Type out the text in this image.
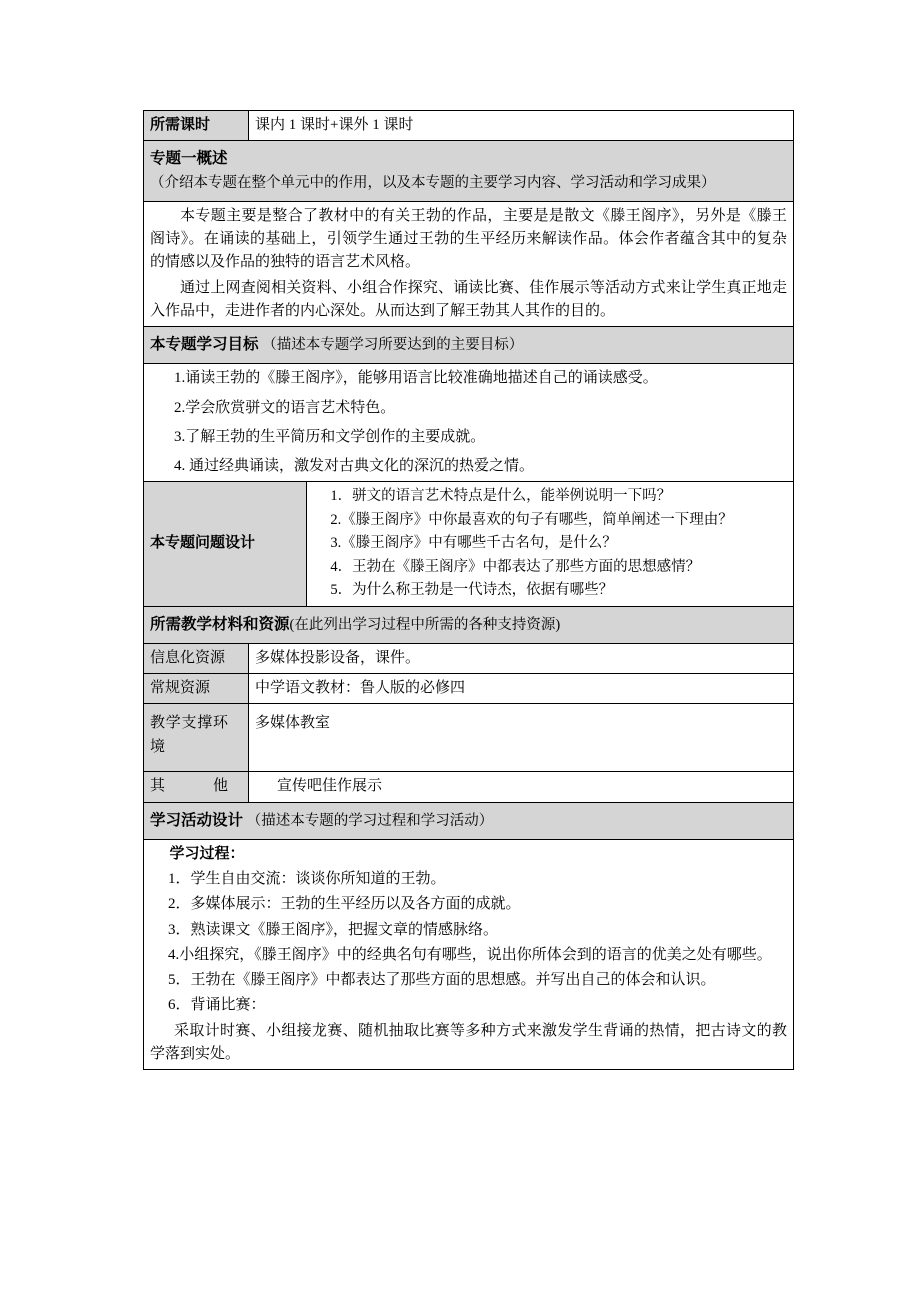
所需课时	课内 1 课时+课外 1 课时	
专题一概述（介绍本专题在整个单元中的作用，以及本专题的主要学习内容、学习活动和学习成果）		

本专题主要是整合了教材中的有关王勃的作品，主要是是散文《滕王阁序》，另外是《滕王阁诗》。在诵读的基础上，引领学生通过王勃的生平经历来解读作品。体会作者蕴含其中的复杂的情感以及作品的独特的语言艺术风格。

通过上网查阅相关资料、小组合作探究、诵读比赛、佳作展示等活动方式来让学生真正地走入作品中，走进作者的内心深处。从而达到了解王勃其人其作的目的。		

本专题学习目标 （描述本专题学习所要达到的主要目标）		

1.诵读王勃的《滕王阁序》，能够用语言比较准确地描述自己的诵读感受。
2.学会欣赏骈文的语言艺术特色。
3.了解王勃的生平简历和文学创作的主要成就。
4. 通过经典诵读，激发对古典文化的深沉的热爱之情。

本专题问题设计	
1．骈文的语言艺术特点是什么，能举例说明一下吗？
2.《滕王阁序》中你最喜欢的句子有哪些，简单阐述一下理由？
3.《滕王阁序》中有哪些千古名句，是什么？
4．王勃在《滕王阁序》中都表达了那些方面的思想感情？
5．为什么称王勃是一代诗杰，依据有哪些？

所需教学材料和资源(在此列出学习过程中所需的各种支持资源)		
信息化资源	多媒体投影设备，课件。	
常规资源	中学语文教材：鲁人版的必修四	

教学支撑环境	多媒体教室	

其他	宣传吧佳作展示	
学习活动设计 （描述本专题的学习过程和学习活动）		

学习过程：

1．学生自由交流：谈谈你所知道的王勃。
2．多媒体展示：王勃的生平经历以及各方面的成就。
3．熟读课文《滕王阁序》，把握文章的情感脉络。
4.小组探究，《滕王阁序》中的经典名句有哪些，说出你所体会到的语言的优美之处有哪些。
5．王勃在《滕王阁序》中都表达了那些方面的思想感。并写出自己的体会和认识。
6．背诵比赛：

采取计时赛、小组接龙赛、随机抽取比赛等多种方式来激发学生背诵的热情，把古诗文的教学落到实处。
